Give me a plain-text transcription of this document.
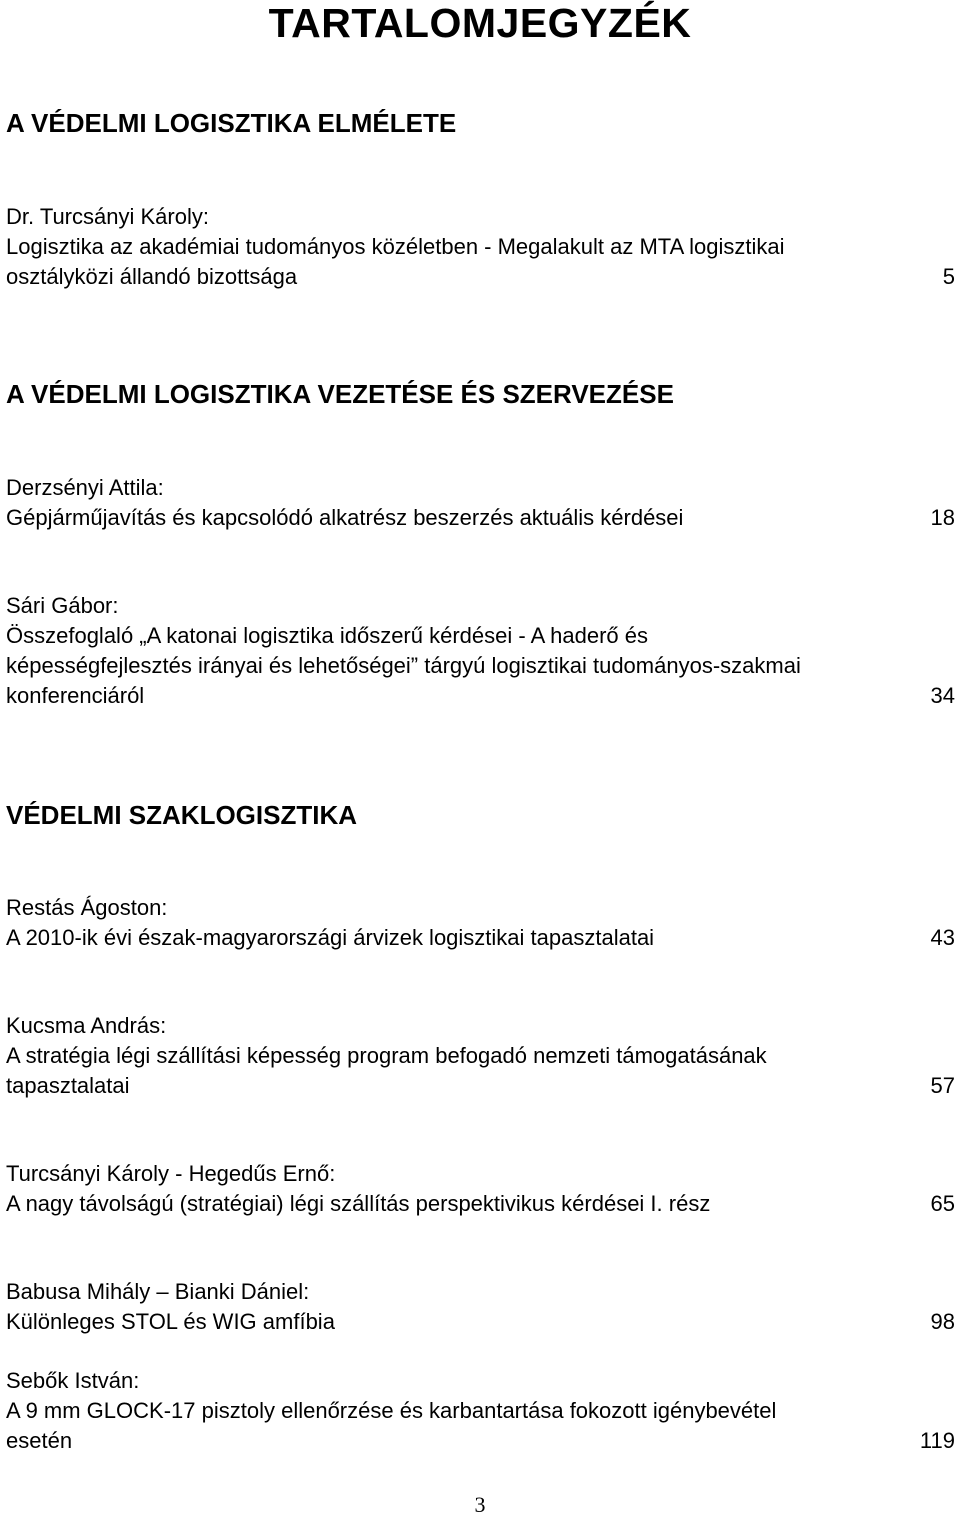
TARTALOMJEGYZÉK
A VÉDELMI LOGISZTIKA ELMÉLETE
Dr. Turcsányi Károly:
Logisztika az akadémiai tudományos közéletben - Megalakult az MTA logisztikai
osztályközi állandó bizottsága	5
A VÉDELMI LOGISZTIKA VEZETÉSE ÉS SZERVEZÉSE
Derzsényi Attila:
Gépjárműjavítás és kapcsolódó alkatrész beszerzés aktuális kérdései	18
Sári Gábor:
Összefoglaló „A katonai logisztika időszerű kérdései - A haderő és
képességfejlesztés irányai és lehetőségei” tárgyú logisztikai tudományos-szakmai
konferenciáról	34
VÉDELMI SZAKLOGISZTIKA
Restás Ágoston:
A 2010-ik évi észak-magyarországi árvizek logisztikai tapasztalatai	43
Kucsma András:
A stratégia légi szállítási képesség program befogadó nemzeti támogatásának
tapasztalatai	57
Turcsányi Károly - Hegedűs Ernő:
A nagy távolságú (stratégiai) légi szállítás perspektivikus kérdései I. rész	65
Babusa Mihály – Bianki Dániel:
Különleges STOL és WIG amfíbia	98
Sebők István:
A 9 mm GLOCK-17 pisztoly ellenőrzése és karbantartása fokozott igénybevétel
esetén	119
3
